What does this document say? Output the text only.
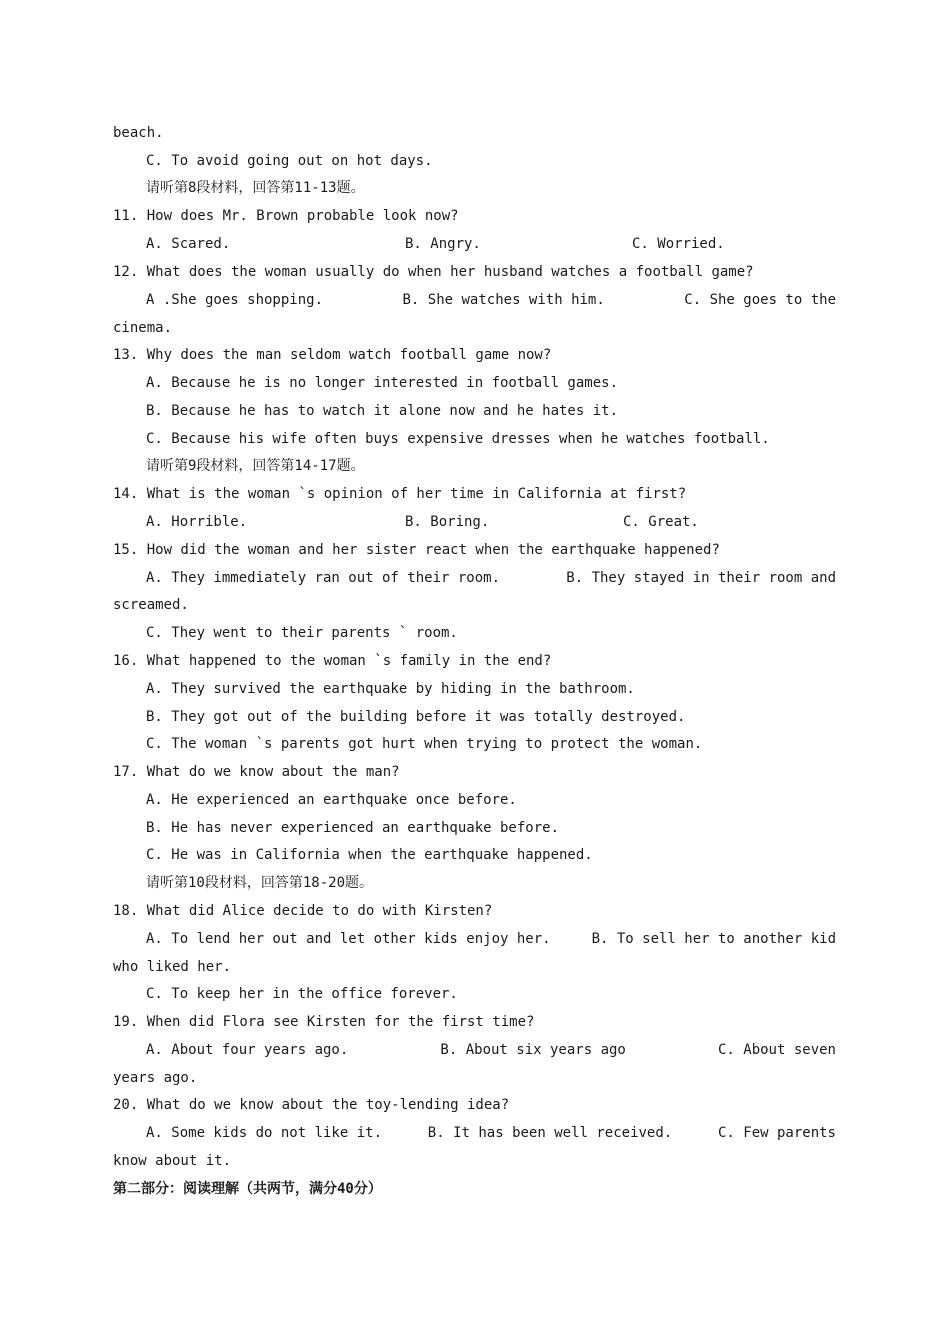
beach.
C. To avoid going out on hot days.
请听第8段材料，回答第11-13题。
11. How does Mr. Brown probable look now?
A. Scared.	B. Angry.	C. Worried.
12. What does the woman usually do when her husband watches a football game?
A .She goes shopping.	B. She watches with him.	C. She goes to the
cinema.
13. Why does the man seldom watch football game now?
A. Because he is no longer interested in football games.
B. Because he has to watch it alone now and he hates it.
C. Because his wife often buys expensive dresses when he watches football.
请听第9段材料，回答第14-17题。
14. What is the woman `s opinion of her time in California at first?
A. Horrible.	B. Boring.	C. Great.
15. How did the woman and her sister react when the earthquake happened?
A. They immediately ran out of their room.	B. They stayed in their room and
screamed.
C. They went to their parents ` room.
16. What happened to the woman `s family in the end?
A. They survived the earthquake by hiding in the bathroom.
B. They got out of the building before it was totally destroyed.
C. The woman `s parents got hurt when trying to protect the woman.
17. What do we know about the man?
A. He experienced an earthquake once before.
B. He has never experienced an earthquake before.
C. He was in California when the earthquake happened.
请听第10段材料，回答第18-20题。
18. What did Alice decide to do with Kirsten?
A. To lend her out and let other kids enjoy her.	B. To sell her to another kid
who liked her.
C. To keep her in the office forever.
19. When did Flora see Kirsten for the first time?
A. About four years ago.	B. About six years ago	C. About seven
years ago.
20. What do we know about the toy-lending idea?
A. Some kids do not like it.	B. It has been well received.	C. Few parents
know about it.
第二部分：阅读理解（共两节，满分40分）
